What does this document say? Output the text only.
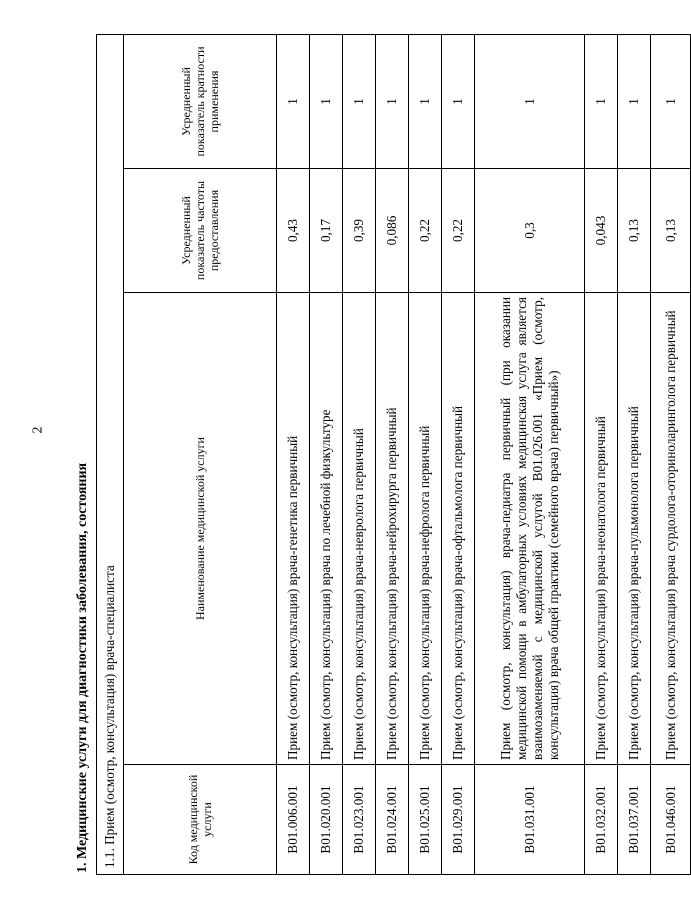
2
1. Медицинские услуги для диагностики заболевания, состояния 1.1. Прием (осмотр, консультация) врача-специалиста			
Код медицинской услуги	Наименование медицинской услуги	Усредненный показатель частоты предоставления	Усредненный показатель кратности применения
B01.006.001	Прием (осмотр, консультация) врача-генетика первичный	0,43	1
B01.020.001	Прием (осмотр, консультация) врача по лечебной физкультуре	0,17	1
B01.023.001	Прием (осмотр, консультация) врача-невролога первичный	0,39	1
B01.024.001	Прием (осмотр, консультация) врача-нейрохирурга первичный	0,086	1
B01.025.001	Прием (осмотр, консультация) врача-нефролога первичный	0,22	1
B01.029.001	Прием (осмотр, консультация) врача-офтальмолога первичный	0,22	1
B01.031.001	Прием (осмотр, консультация) врача-педиатра первичный (при оказании медицинской помощи в амбулаторных условиях медицинская услуга является взаимозаменяемой с медицинской услугой B01.026.001 «Прием (осмотр, консультация) врача общей практики (семейного врача) первичный»)	0,3	1
B01.032.001	Прием (осмотр, консультация) врача-неонатолога первичный	0,043	1
B01.037.001	Прием (осмотр, консультация) врача-пульмонолога первичный	0,13	1
B01.046.001	Прием (осмотр, консультация) врача сурдолога-оториноларинголога первичный	0,13	1
